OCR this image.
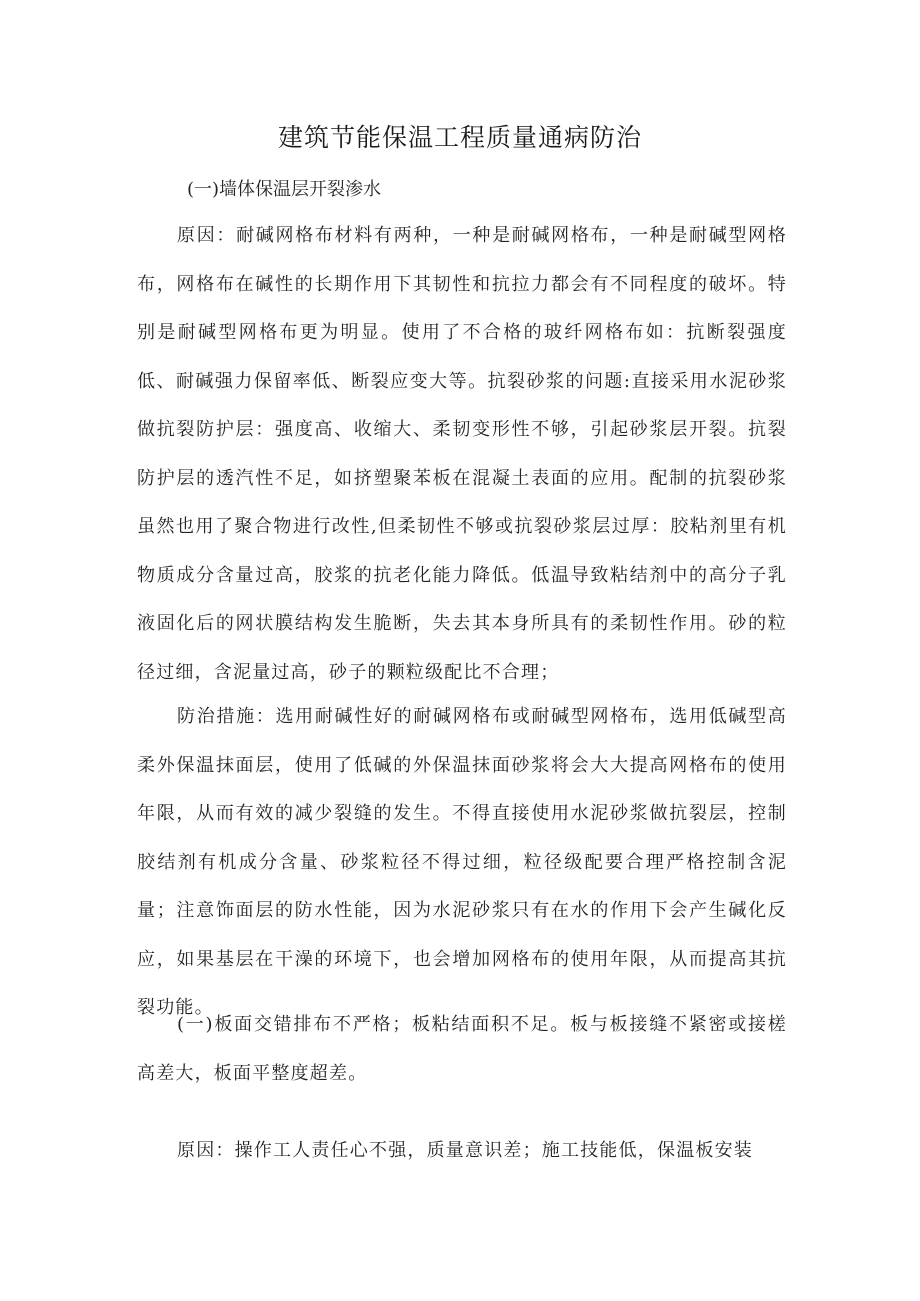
建筑节能保温工程质量通病防治

(一)墙体保温层开裂渗水

原因：耐碱网格布材料有两种，一种是耐碱网格布，一种是耐碱型网格布，网格布在碱性的长期作用下其韧性和抗拉力都会有不同程度的破坏。特别是耐碱型网格布更为明显。使用了不合格的玻纤网格布如：抗断裂强度低、耐碱强力保留率低、断裂应变大等。抗裂砂浆的问题:直接采用水泥砂浆做抗裂防护层：强度高、收缩大、柔韧变形性不够，引起砂浆层开裂。抗裂防护层的透汽性不足，如挤塑聚苯板在混凝土表面的应用。配制的抗裂砂浆虽然也用了聚合物进行改性,但柔韧性不够或抗裂砂浆层过厚：胶粘剂里有机物质成分含量过高，胶浆的抗老化能力降低。低温导致粘结剂中的高分子乳液固化后的网状膜结构发生脆断，失去其本身所具有的柔韧性作用。砂的粒径过细，含泥量过高，砂子的颗粒级配比不合理；

防治措施：选用耐碱性好的耐碱网格布或耐碱型网格布，选用低碱型高柔外保温抹面层，使用了低碱的外保温抹面砂浆将会大大提高网格布的使用年限，从而有效的减少裂缝的发生。不得直接使用水泥砂浆做抗裂层，控制胶结剂有机成分含量、砂浆粒径不得过细，粒径级配要合理严格控制含泥量；注意饰面层的防水性能，因为水泥砂浆只有在水的作用下会产生碱化反应，如果基层在干澡的环境下，也会增加网格布的使用年限，从而提高其抗裂功能。

(一)板面交错排布不严格；板粘结面积不足。板与板接缝不紧密或接槎高差大，板面平整度超差。

原因：操作工人责任心不强，质量意识差；施工技能低，保温板安装
